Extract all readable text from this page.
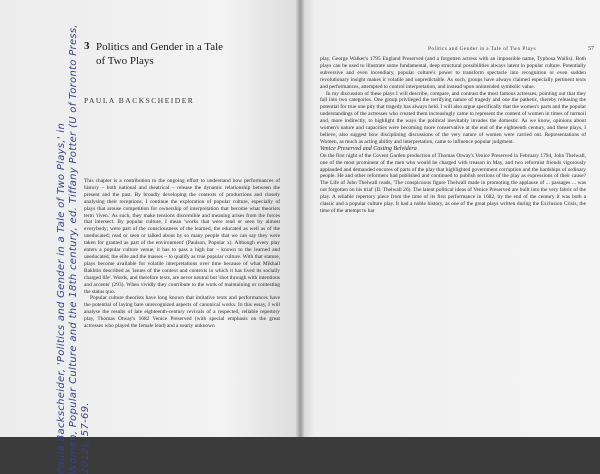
3 Politics and Gender in a Tale
of Two Plays
PAULA BACKSCHEIDER

This chapter is a contribution to the ongoing effort to understand how performances of history – both national and theatrical – release the dynamic relationship between the present and the past. By broadly developing the contexts of productions and closely analysing their receptions, I continue the exploration of popular culture, especially of plays that arouse competition for ownership of interpretation that become what theorists term 'riven.' As such, they make tensions discernible and meaning arises from the forces that intersect. By popular culture, I mean 'works that were read or seen by almost everybody; were part of the consciousness of the learned, the educated as well as of the uneducated; read or seen or talked about by so many people that we can say they were taken for granted as part of the environment' (Paulson, Popular x). Although every play enters a popular culture venue, it has to pass a high bar – known to the learned and uneducated, the elite and the masses – to qualify as true popular culture. With that stature, plays become available for volatile interpretations over time because of what Mikhail Bakhtin described as 'issues of the context and contexts in which it has lived its socially charged life'. Words, and therefore texts, are never neutral but 'shot through with intentions and accents' (293). When vividly they contribute to the work of maintaining or contesting the status quo.

Popular culture theorists have long known that imitative texts and performances have the potential of laying bare unrecognized aspects of canonical works. In this essay, I will analyse the results of late eighteenth-century revivals of a respected, reliable repertory play, Thomas Otway's 1682 Venice Preserved (with special emphasis on the great actresses who played the female lead) and a nearly unknown

Paula Backscheider, 'Politics and Gender in a Tale of Two Plays,' in Women, Popular Culture and the 18th century, ed. Tiffany Potter (U of Toronto Press, 2012), 57-69.
Politics and Gender in a Tale of Two Plays	57

play, George Walker's 1795 England Preserved (and a forgotten actress with an impossible name, Typhosa Wallis). Both plays can be used to illustrate some fundamental, deep structural possibilities always latent in popular culture. Potentially subversive and even incendiary, popular culture's power to transform spectacle into recognition or even sudden revolutionary insight makes it volatile and unpredictable. As such, groups have always claimed especially pertinent texts and performances, attempted to control interpretation, and instead upon unintended symbolic value.

In my discussion of these plays I will describe, compare, and contrast the most famous actresses, pointing out that they fall into two categories. One group privileged the terrifying nature of tragedy and one the pathetic, thereby releasing the potential for true one pity that tragedy has always held. I will also argue specifically that the women's parts and the popular understandings of the actresses who created them increasingly came to represent the content of women in times of turmoil and, more indirectly, to highlight the ways the political inevitably invades the domestic. As we know, opinions about women's nature and capacities were becoming more conservative at the end of the eighteenth century, and these plays, I believe, also suggest how disciplining discussions of the very nature of women were carried out. Representations of Women, as much as acting ability and interpretation, came to influence popular judgment.

Venice Preserved and Casting Belvidera

On the first night of the Covent Garden production of Thomas Otway's Venice Preserved in February 1794, John Thelwall, one of the most prominent of the men who would be charged with treason in May, and two reformist friends vigorously applauded and demanded encores of parts of the play that highlighted government corruption and the hardships of ordinary people. He and other reformers had published and continued to publish sections of the play as expressions of their cause? The Life of John Thelwall reads, 'The conspicuous figure Thelwall made in promoting the applause of ... passages ... was not forgotten on his trial' (II. Thelwall 26). The latent political ideas of Venice Preserved are built into the very fabric of the play. A reliable repertory piece from the time of its first performance in 1682, by the end of the century it was both a classic and a popular culture play. It had a noble history, as one of the great plays written during the Exclusion Crisis, the time of the attempt to bar
